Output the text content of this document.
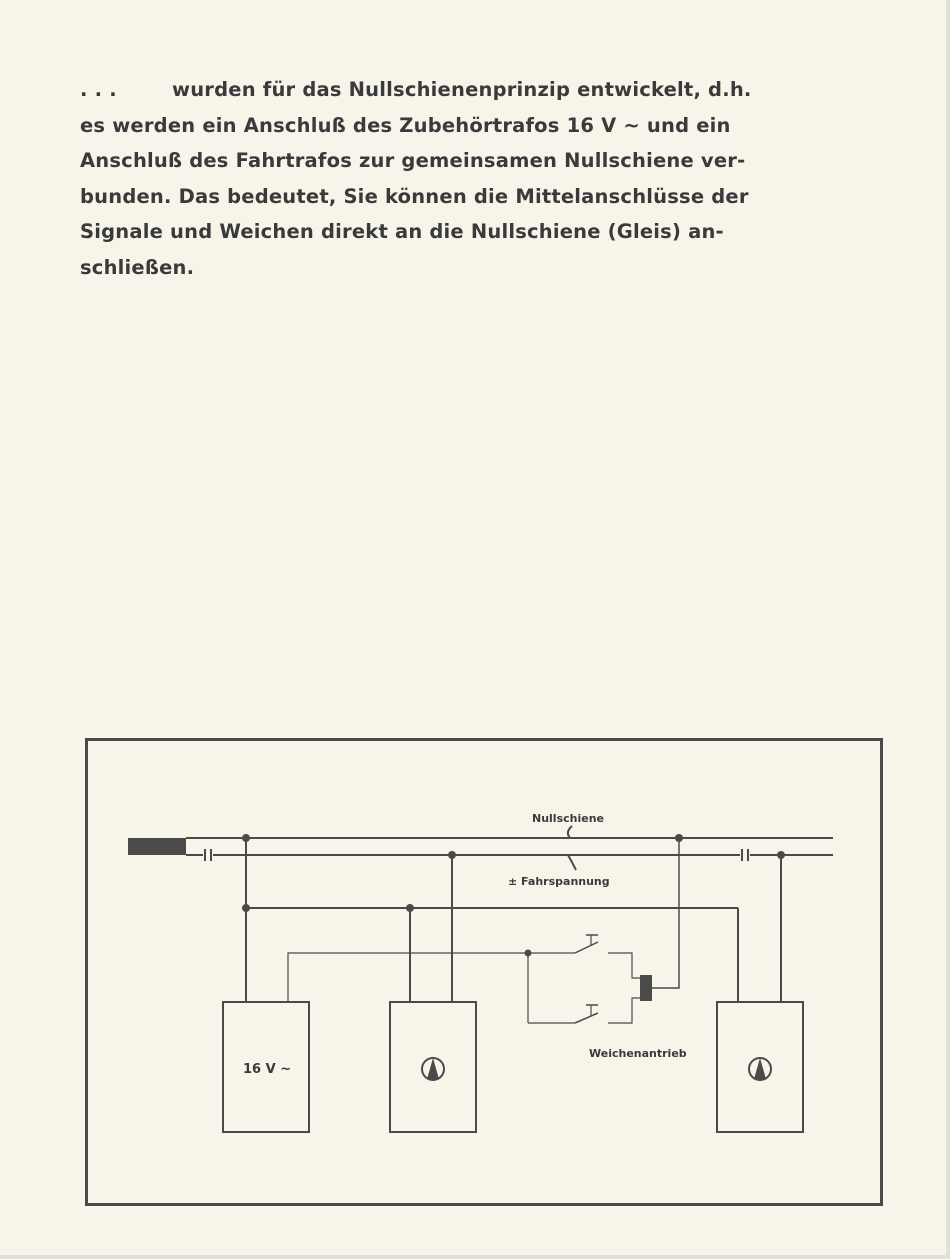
. . .	wurden für das Nullschienenprinzip entwickelt, d.h.
es werden ein Anschluß des Zubehörtrafos 16 V ~ und ein
Anschluß des Fahrtrafos zur gemeinsamen Nullschiene ver-
bunden. Das bedeutet, Sie können die Mittelanschlüsse der
Signale und Weichen direkt an die Nullschiene (Gleis) an-
schließen.
Nullschiene
± Fahrspannung
16 V ~
Weichenantrieb
